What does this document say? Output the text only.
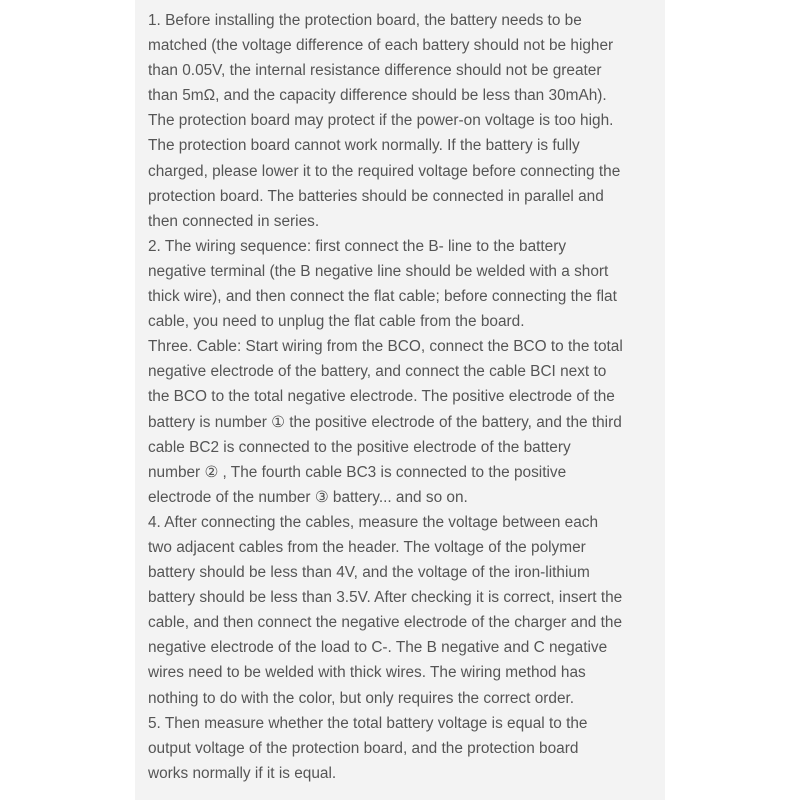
1. Before installing the protection board, the battery needs to be
matched (the voltage difference of each battery should not be higher
than 0.05V, the internal resistance difference should not be greater
than 5mΩ, and the capacity difference should be less than 30mAh).
The protection board may protect if the power-on voltage is too high.
The protection board cannot work normally. If the battery is fully
charged, please lower it to the required voltage before connecting the
protection board. The batteries should be connected in parallel and
then connected in series.
2. The wiring sequence: first connect the B- line to the battery
negative terminal (the B negative line should be welded with a short
thick wire), and then connect the flat cable; before connecting the flat
cable, you need to unplug the flat cable from the board.
Three. Cable: Start wiring from the BCO, connect the BCO to the total
negative electrode of the battery, and connect the cable BCI next to
the BCO to the total negative electrode. The positive electrode of the
battery is number ① the positive electrode of the battery, and the third
cable BC2 is connected to the positive electrode of the battery
number ② , The fourth cable BC3 is connected to the positive
electrode of the number ③ battery... and so on.
4. After connecting the cables, measure the voltage between each
two adjacent cables from the header. The voltage of the polymer
battery should be less than 4V, and the voltage of the iron-lithium
battery should be less than 3.5V. After checking it is correct, insert the
cable, and then connect the negative electrode of the charger and the
negative electrode of the load to C-. The B negative and C negative
wires need to be welded with thick wires. The wiring method has
nothing to do with the color, but only requires the correct order.
5. Then measure whether the total battery voltage is equal to the
output voltage of the protection board, and the protection board
works normally if it is equal.
